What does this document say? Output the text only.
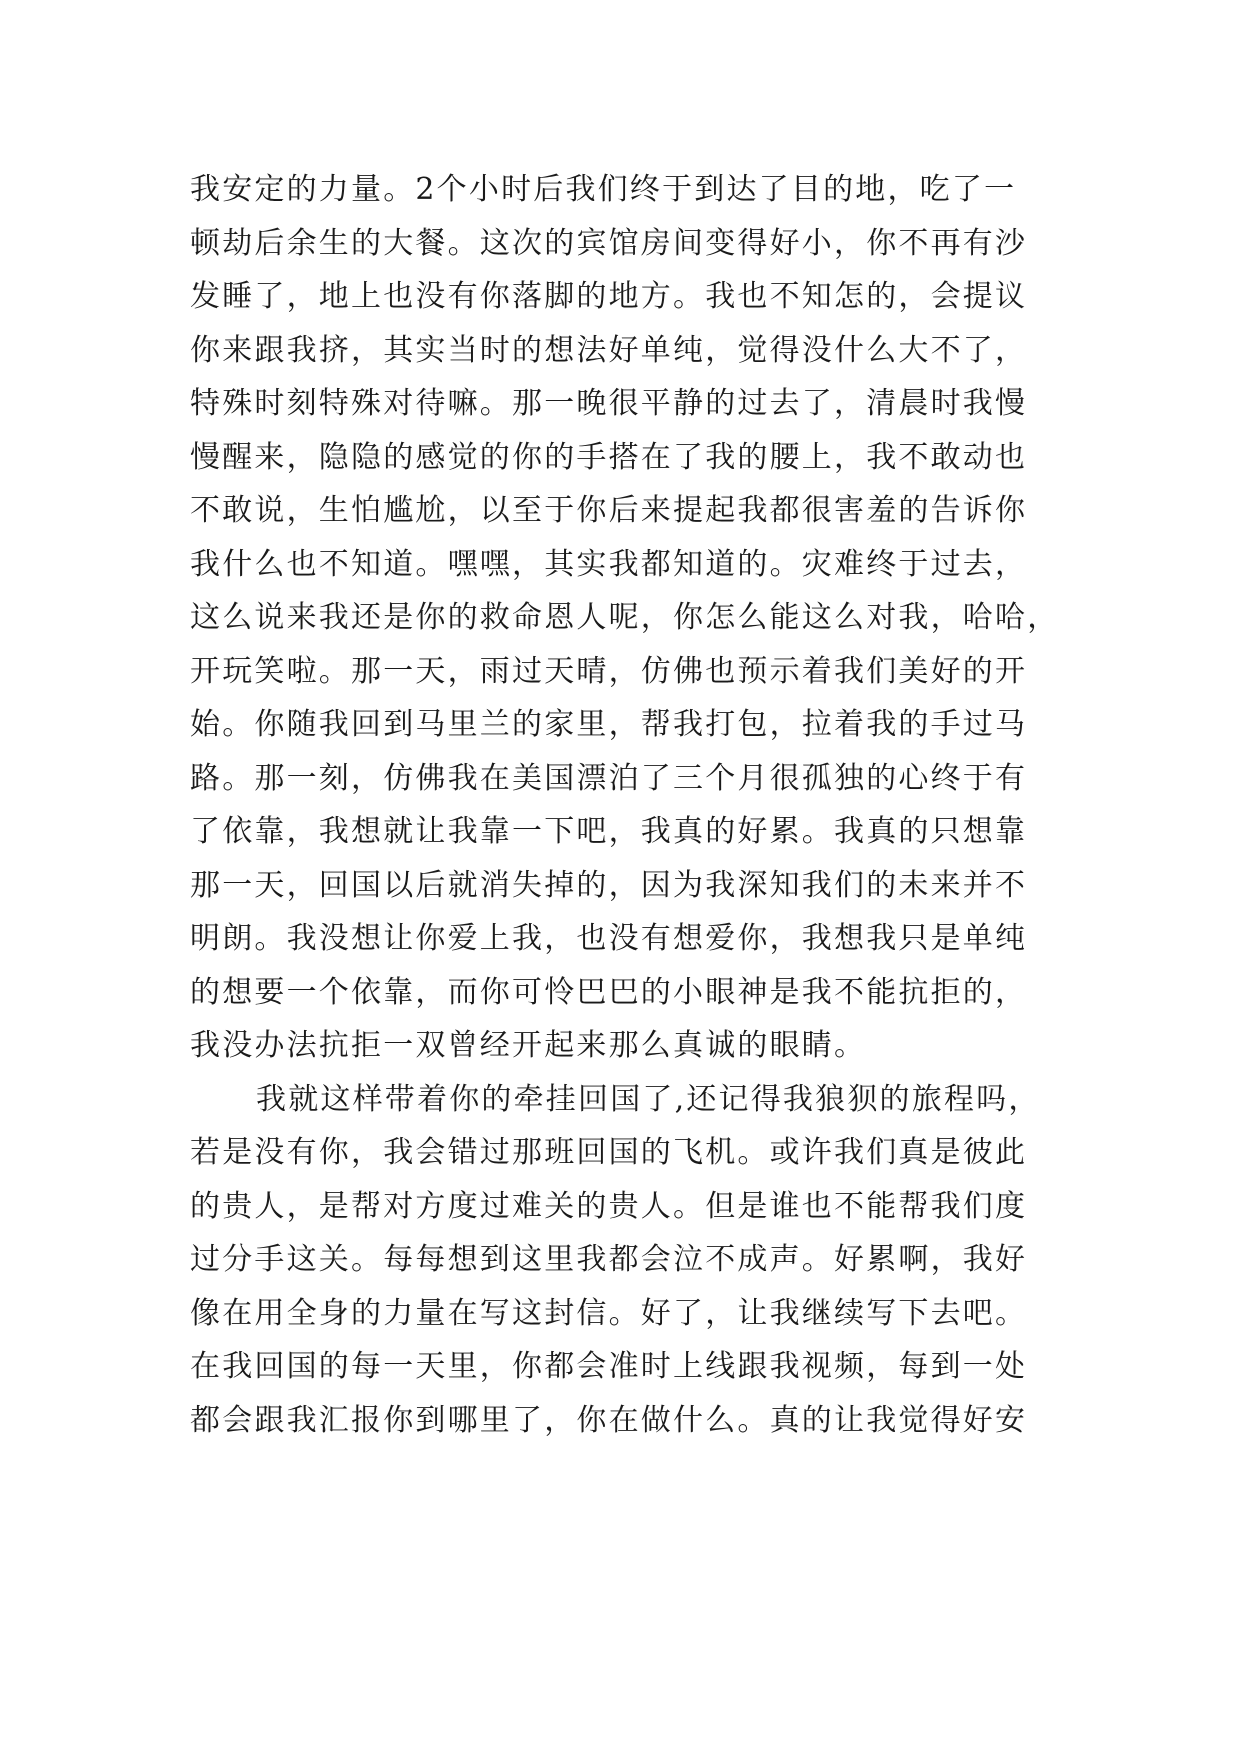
我安定的力量。2个小时后我们终于到达了目的地，吃了一
顿劫后余生的大餐。这次的宾馆房间变得好小，你不再有沙
发睡了，地上也没有你落脚的地方。我也不知怎的，会提议
你来跟我挤，其实当时的想法好单纯，觉得没什么大不了，
特殊时刻特殊对待嘛。那一晚很平静的过去了，清晨时我慢
慢醒来，隐隐的感觉的你的手搭在了我的腰上，我不敢动也
不敢说，生怕尴尬，以至于你后来提起我都很害羞的告诉你
我什么也不知道。嘿嘿，其实我都知道的。灾难终于过去，
这么说来我还是你的救命恩人呢，你怎么能这么对我，哈哈，
开玩笑啦。那一天，雨过天晴，仿佛也预示着我们美好的开
始。你随我回到马里兰的家里，帮我打包，拉着我的手过马
路。那一刻，仿佛我在美国漂泊了三个月很孤独的心终于有
了依靠，我想就让我靠一下吧，我真的好累。我真的只想靠
那一天，回国以后就消失掉的，因为我深知我们的未来并不
明朗。我没想让你爱上我，也没有想爱你，我想我只是单纯
的想要一个依靠，而你可怜巴巴的小眼神是我不能抗拒的，
我没办法抗拒一双曾经开起来那么真诚的眼睛。
我就这样带着你的牵挂回国了,还记得我狼狈的旅程吗，
若是没有你，我会错过那班回国的飞机。或许我们真是彼此
的贵人，是帮对方度过难关的贵人。但是谁也不能帮我们度
过分手这关。每每想到这里我都会泣不成声。好累啊，我好
像在用全身的力量在写这封信。好了，让我继续写下去吧。
在我回国的每一天里，你都会准时上线跟我视频，每到一处
都会跟我汇报你到哪里了，你在做什么。真的让我觉得好安
